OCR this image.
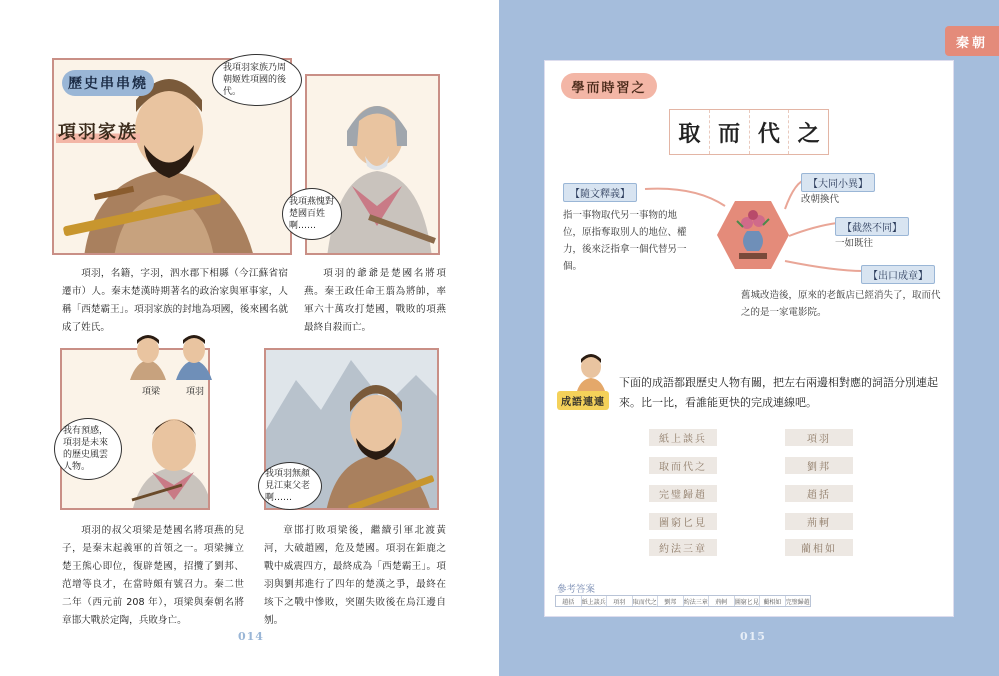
歷史串串燒
項羽家族
項梁	項羽
我項羽家族乃周朝姬姓項國的後代。
我項燕愧對楚國百姓啊……
我有預感，項羽是未來的歷史風雲人物。
我項羽無顏見江東父老啊……

項羽，名籍，字羽，泗水郡下相縣（今江蘇省宿遷市）人。秦末楚漢時期著名的政治家與軍事家，人稱「西楚霸王」。項羽家族的封地為項國，後來國名就成了姓氏。

項羽的爺爺是楚國名將項燕。秦王政任命王翦為將帥，率軍六十萬攻打楚國，戰敗的項燕最終自殺而亡。

項羽的叔父項梁是楚國名將項燕的兒子，是秦末起義軍的首領之一。項梁擁立楚王熊心即位，復辟楚國，招攬了劉邦、范增等良才，在當時頗有號召力。秦二世二年（西元前 208 年），項梁與秦朝名將章邯大戰於定陶，兵敗身亡。

章邯打敗項梁後，繼續引軍北渡黃河，大破趙國，危及楚國。項羽在鉅鹿之戰中威震四方，最終成為「西楚霸王」。項羽與劉邦進行了四年的楚漢之爭，最終在垓下之戰中慘敗，突圍失敗後在烏江邊自刎。

014
秦朝
學而時習之
取 而 代 之
【隨文釋義】
【大同小異】
【截然不同】
【出口成章】
指一事物取代另一事物的地位，原指奪取別人的地位、權力，後來泛指拿一個代替另一個。
改朝換代
一如既往
舊城改造後，原來的老飯店已經消失了，取而代之的是一家電影院。
成語連連
下面的成語都跟歷史人物有關，把左右兩邊相對應的詞語分別連起來。比一比，看誰能更快的完成連線吧。
紙上談兵
取而代之
完璧歸趙
圖窮匕見
約法三章
項羽
劉邦
趙括
荊軻
藺相如
參考答案
趙括	紙上談兵	項羽	取而代之	劉邦	約法三章	荊軻	圖窮匕見 藺相如 完璧歸趙
015
